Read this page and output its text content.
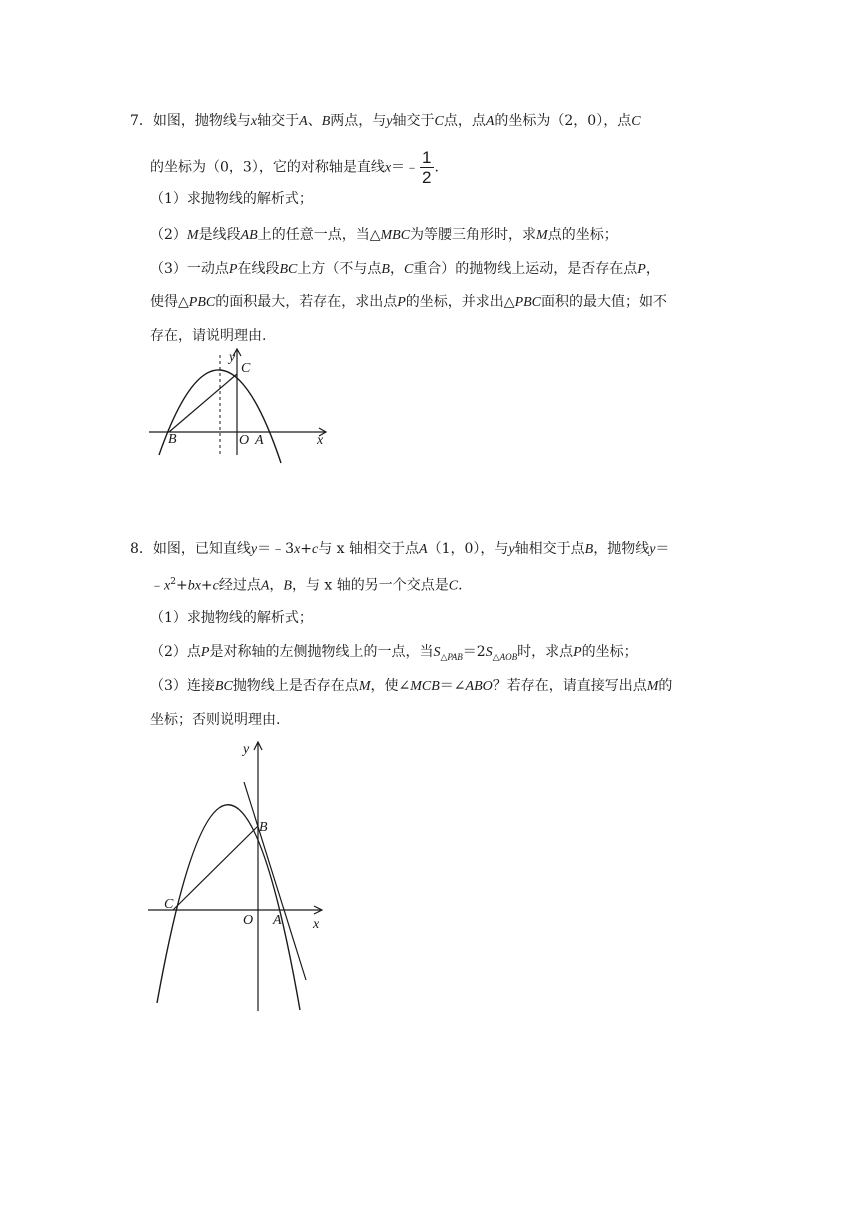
7．如图，抛物线与x轴交于A、B两点，与y轴交于C点，点A的坐标为（2，0），点C
的坐标为（0，3），它的对称轴是直线x＝﹣ $\frac{1}{2}$ .
（1）求抛物线的解析式；
（2）M是线段AB上的任意一点，当△MBC为等腰三角形时，求M点的坐标；
（3）一动点P在线段BC上方（不与点B，C重合）的抛物线上运动，是否存在点P，
使得△PBC的面积最大，若存在，求出点P的坐标，并求出△PBC面积的最大值；如不
存在，请说明理由.
y
C
B	O A	x
8．如图，已知直线y＝﹣3x+c与 x 轴相交于点A（1，0），与y轴相交于点B，抛物线y＝
$﹣x^2+bx+c$经过点A，B，与 x 轴的另一个交点是C.
（1）求抛物线的解析式；
（2）点P是对称轴的左侧抛物线上的一点，当$S_{\triangle PAB}=2S_{\triangle AOB}$时，求点P的坐标；
（3）连接BC抛物线上是否存在点M，使∠MCB＝∠ABO？若存在，请直接写出点M的
坐标；否则说明理由.
y
B
C
O A x
